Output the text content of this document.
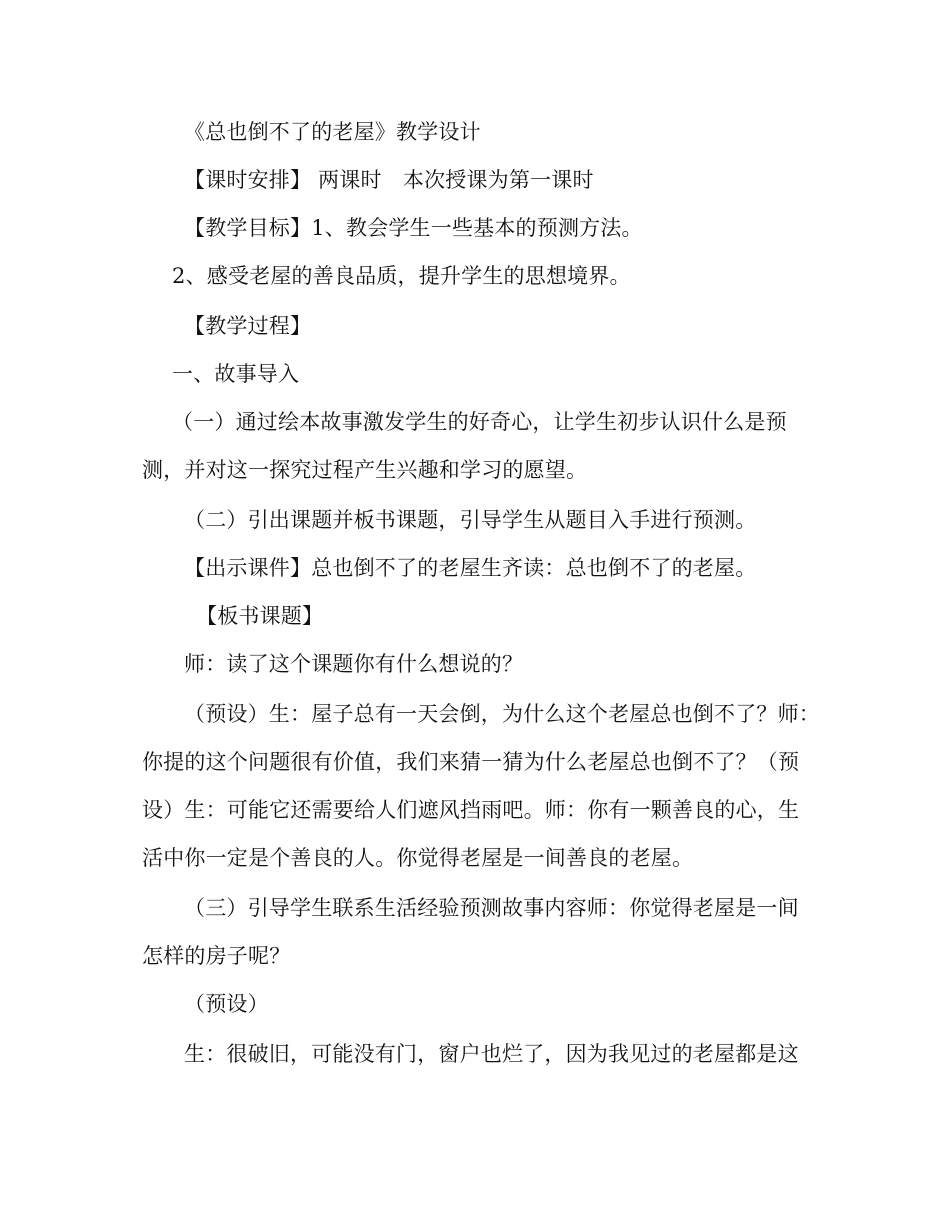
《总也倒不了的老屋》教学设计
【课时安排】 两课时　本次授课为第一课时
【教学目标】1、教会学生一些基本的预测方法。
2、感受老屋的善良品质，提升学生的思想境界。
【教学过程】
一、故事导入
（一）通过绘本故事激发学生的好奇心，让学生初步认识什么是预
测，并对这一探究过程产生兴趣和学习的愿望。
（二）引出课题并板书课题，引导学生从题目入手进行预测。
【出示课件】总也倒不了的老屋生齐读：总也倒不了的老屋。
【板书课题】
师：读了这个课题你有什么想说的？
（预设）生：屋子总有一天会倒，为什么这个老屋总也倒不了？师：
你提的这个问题很有价值，我们来猜一猜为什么老屋总也倒不了？（预
设）生：可能它还需要给人们遮风挡雨吧。师：你有一颗善良的心，生
活中你一定是个善良的人。你觉得老屋是一间善良的老屋。
（三）引导学生联系生活经验预测故事内容师：你觉得老屋是一间
怎样的房子呢？
（预设）
生：很破旧，可能没有门，窗户也烂了，因为我见过的老屋都是这
